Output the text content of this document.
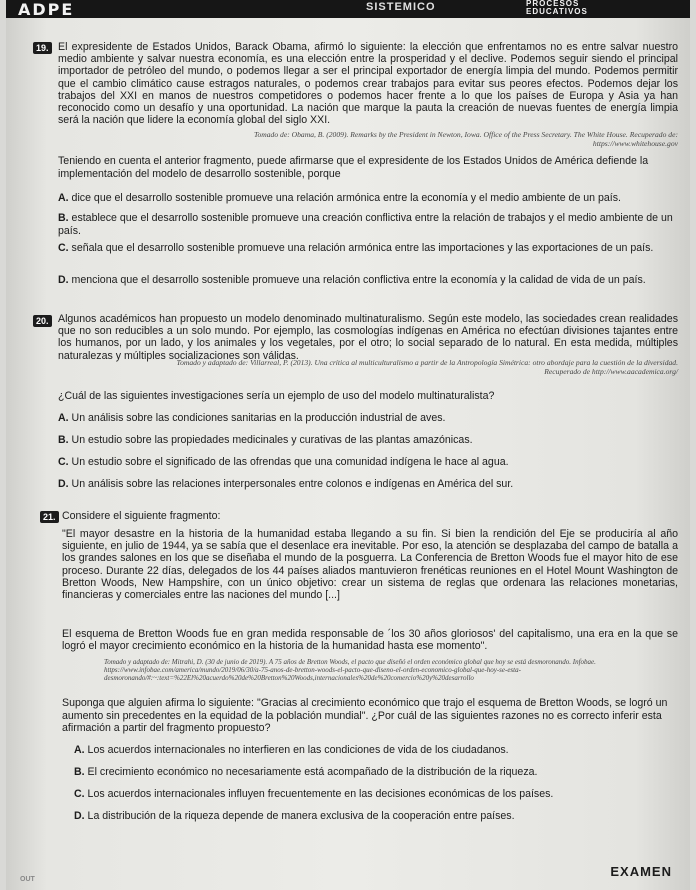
ADPE	SISTEMICO	PROCESOS
EDUCATIVOS
19. El expresidente de Estados Unidos, Barack Obama, afirmó lo siguiente: la elección que enfrentamos no es entre salvar nuestro medio ambiente y salvar nuestra economía, es una elección entre la prosperidad y el declive. Podemos seguir siendo el principal importador de petróleo del mundo, o podemos llegar a ser el principal exportador de energía limpia del mundo. Podemos permitir que el cambio climático cause estragos naturales, o podemos crear trabajos para evitar sus peores efectos. Podemos dejar los trabajos del XXI en manos de nuestros competidores o podemos hacer frente a lo que los países de Europa y Asia ya han reconocido como un desafío y una oportunidad. La nación que marque la pauta la creación de nuevas fuentes de energía limpia será la nación que lidere la economía global del siglo XXI.

Tomado de: Obama, B. (2009). Remarks by the President in Newton, Iowa. Office of the Press Secretary. The White House. Recuperado de: https://www.whitehouse.gov

Teniendo en cuenta el anterior fragmento, puede afirmarse que el expresidente de los Estados Unidos de América defiende la implementación del modelo de desarrollo sostenible, porque

A. dice que el desarrollo sostenible promueve una relación armónica entre la economía y el medio ambiente de un país.

B. establece que el desarrollo sostenible promueve una creación conflictiva entre la relación de trabajos y el medio ambiente de un país.

C. señala que el desarrollo sostenible promueve una relación armónica entre las importaciones y las exportaciones de un país.

D. menciona que el desarrollo sostenible promueve una relación conflictiva entre la economía y la calidad de vida de un país.

20. Algunos académicos han propuesto un modelo denominado multinaturalismo. Según este modelo, las sociedades crean realidades que no son reducibles a un solo mundo. Por ejemplo, las cosmologías indígenas en América no efectúan divisiones tajantes entre los humanos, por un lado, y los animales y los vegetales, por el otro; lo social separado de lo natural. En esta medida, múltiples naturalezas y múltiples socializaciones son válidas.

Tomado y adaptado de: Villarreal, P. (2013). Una crítica al multiculturalismo a partir de la Antropología Simétrica: otro abordaje para la cuestión de la diversidad. Recuperado de http://www.aacademica.org/

¿Cuál de las siguientes investigaciones sería un ejemplo de uso del modelo multinaturalista?

A. Un análisis sobre las condiciones sanitarias en la producción industrial de aves.

B. Un estudio sobre las propiedades medicinales y curativas de las plantas amazónicas.

C. Un estudio sobre el significado de las ofrendas que una comunidad indígena le hace al agua.

D. Un análisis sobre las relaciones interpersonales entre colonos e indígenas en América del sur.

21. Considere el siguiente fragmento:

"El mayor desastre en la historia de la humanidad estaba llegando a su fin. Si bien la rendición del Eje se produciría al año siguiente, en julio de 1944, ya se sabía que el desenlace era inevitable. Por eso, la atención se desplazaba del campo de batalla a los grandes salones en los que se diseñaba el mundo de la posguerra. La Conferencia de Bretton Woods fue el mayor hito de ese proceso. Durante 22 días, delegados de los 44 países aliados mantuvieron frenéticas reuniones en el Hotel Mount Washington de Bretton Woods, New Hampshire, con un único objetivo: crear un sistema de reglas que ordenara las relaciones monetarias, financieras y comerciales entre las naciones del mundo [...]

El esquema de Bretton Woods fue en gran medida responsable de ´los 30 años gloriosos' del capitalismo, una era en la que se logró el mayor crecimiento económico en la historia de la humanidad hasta ese momento".

Tomado y adaptado de: Mitrahi, D. (30 de junio de 2019). A 75 años de Bretton Woods, el pacto que diseñó el orden económico global que hoy se está desmoronando. Infobae. https://www.infobae.com/america/mundo/2019/06/30/a-75-anos-de-bretton-woods-el-pacto-que-diseno-el-orden-economico-global-que-hoy-se-esta-desmoronando/#:~:text=%22El%20acuerdo%20de%20Bretton%20Woods,internacionales%20de%20comercio%20y%20desarrollo

Suponga que alguien afirma lo siguiente: "Gracias al crecimiento económico que trajo el esquema de Bretton Woods, se logró un aumento sin precedentes en la equidad de la población mundial". ¿Por cuál de las siguientes razones no es correcto inferir esta afirmación a partir del fragmento propuesto?

A. Los acuerdos internacionales no interfieren en las condiciones de vida de los ciudadanos.

B. El crecimiento económico no necesariamente está acompañado de la distribución de la riqueza.

C. Los acuerdos internacionales influyen frecuentemente en las decisiones económicas de los países.

D. La distribución de la riqueza depende de manera exclusiva de la cooperación entre países.

EXAMEN
OUT
